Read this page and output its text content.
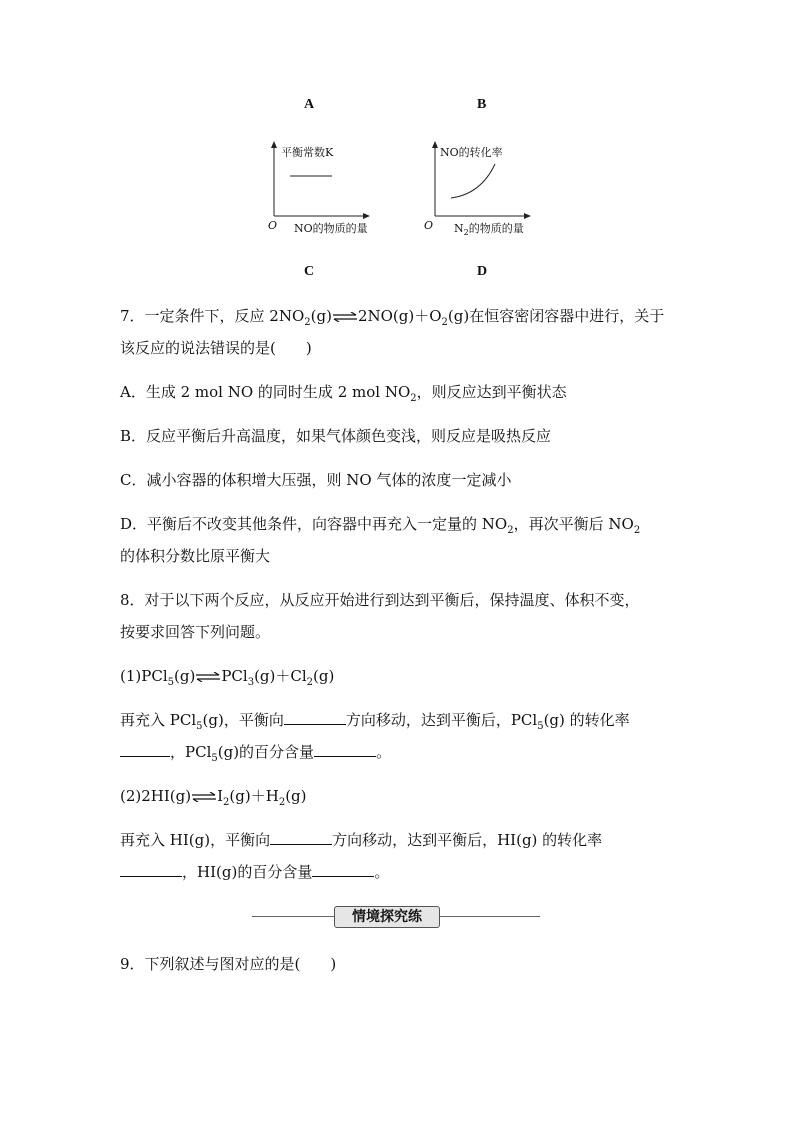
A	B
平衡常数K
NO的物质的量
O
NO的转化率
$N_2$的物质的量
O
C	D
7．一定条件下，反应 $2NO_2(g)\rightleftharpoons 2NO(g)+O_2(g)$在恒容密闭容器中进行，关于
该反应的说法错误的是(　　)
A．生成 2 mol NO 的同时生成 2 mol $NO_2$，则反应达到平衡状态
B．反应平衡后升高温度，如果气体颜色变浅，则反应是吸热反应
C．减小容器的体积增大压强，则 NO 气体的浓度一定减小
D．平衡后不改变其他条件，向容器中再充入一定量的 $NO_2$，再次平衡后 $NO_2$
的体积分数比原平衡大
8．对于以下两个反应，从反应开始进行到达到平衡后，保持温度、体积不变，
按要求回答下列问题。
$(1)PCl_5(g)\rightleftharpoons PCl_3(g)+Cl_2(g)$
再充入 PCl$_5$(g)，平衡向	方向移动，达到平衡后，PCl$_5$(g) 的转化率
，PCl$_5$(g)的百分含量	。
$(2)2HI(g)\rightleftharpoons I_2(g)+H_2(g)$
再充入 HI(g)，平衡向	方向移动，达到平衡后，HI(g) 的转化率
，HI(g)的百分含量	。
情境探究练
9．下列叙述与图对应的是(　　)
